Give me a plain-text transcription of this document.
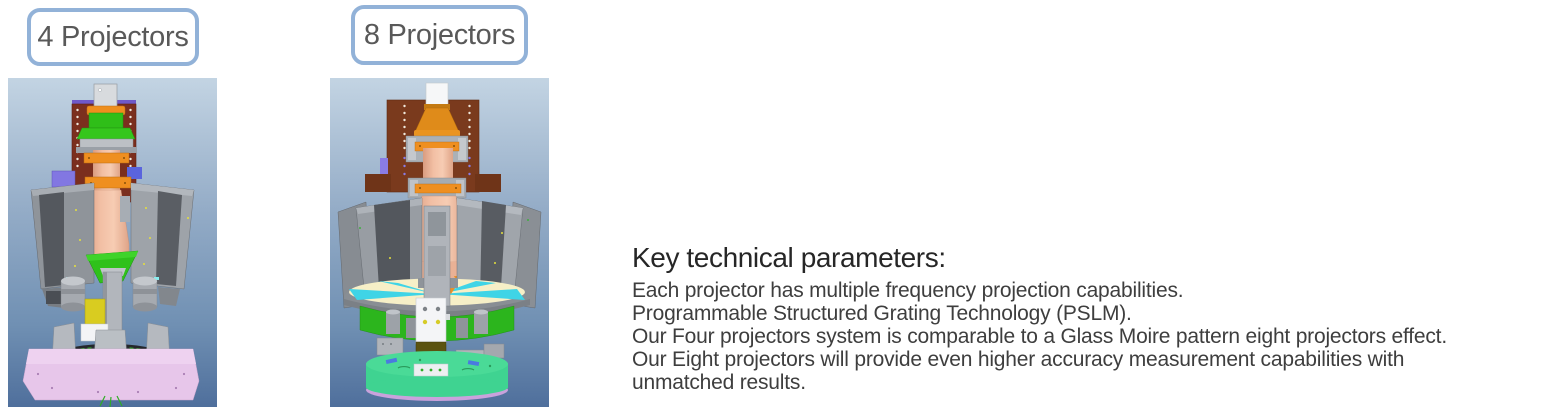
4 Projectors	8 Projectors
Key technical parameters:
Each projector has multiple frequency projection capabilities.
Programmable Structured Grating Technology (PSLM).
Our Four projectors system is comparable to a Glass Moire pattern eight projectors effect.
Our Eight projectors will provide even higher accuracy measurement capabilities with
unmatched results.
